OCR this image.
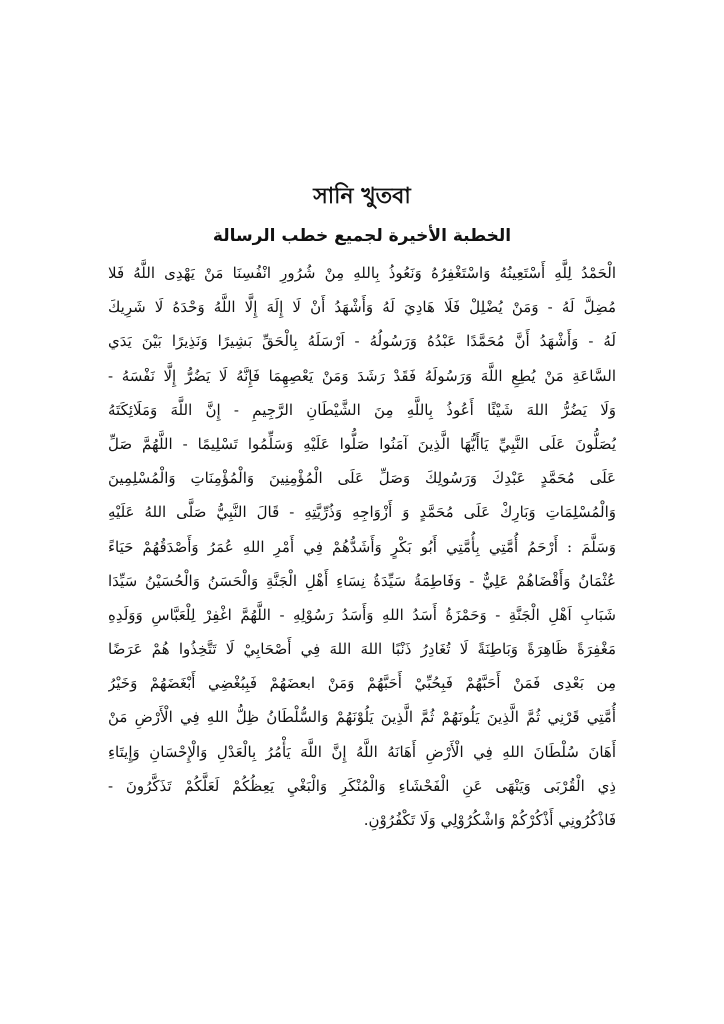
সানি খুতবা
الخطبة الأخيرة لجميع خطب الرسالة
الْحَمْدُ لِلَّهِ أَسْتَعِينُهُ وَاسْتَغْفِرُهُ وَنَعُوذُ بِاللهِ مِنْ شُرُورِ انْفُسِنَا مَنْ يَهْدِى اللَّهُ فَلا
مُضِلَّ لَهُ - وَمَنْ يُضْلِلْ فَلَا هَادِيَ لَهُ وَأَشْهَدُ أَنْ لَا إِلَهَ إِلَّا اللَّهُ وَحْدَهُ لَا شَرِيكَ
لَهُ - وَأَشْهَدُ أَنَّ مُحَمَّدًا عَبْدُهُ وَرَسُولُهُ - اَرْسَلَهُ بِالْحَقِّ بَشِيرًا وَنَذِيرًا بَيْنَ يَدَي
السَّاعَةِ مَنْ يُطِعِ اللَّهَ وَرَسُولَهُ فَقَدْ رَشَدَ وَمَنْ يَعْصِهِمَا فَإِنَّهُ لَا يَضُرُّ إِلَّا نَفْسَهُ -
وَلَا يَضُرُّ اللهَ شَيْئًا أَعُوذُ بِاللَّهِ مِنَ الشَّيْطَانِ الرَّجِيمِ - إِنَّ اللَّهَ وَمَلَائِكَتَهُ
يُصَلُّونَ عَلَى النَّبِيِّ يَاأَيُّهَا الَّذِينَ آمَنُوا صَلُّوا عَلَيْهِ وَسَلِّمُوا تَسْلِيمًا - اللَّهُمَّ صَلِّ
عَلَى مُحَمَّدٍ عَبْدِكَ وَرَسُولِكَ وَصَلِّ عَلَى الْمُؤْمِنِينَ وَالْمُؤْمِنَاتِ وَالْمُسْلِمِينَ
وَالْمُسْلِمَاتِ وَبَارِكْ عَلَى مُحَمَّدٍ وَ أَزْوَاجِهِ وَذُرِّيَّتِهِ - قَالَ النَّبِيُّ صَلَّى اللهُ عَلَيْهِ
وَسَلَّمَ : أَرْحَمُ أُمَّتِي بِأُمَّتِي أَبُو بَكْرٍ وَأَشَدُّهُمْ فِي أَمْرِ اللهِ عُمَرُ وَأَصْدَقُهُمْ حَيَاءً
عُثْمَانُ وَأَقْضَاهُمْ عَلِيٌّ - وَفَاطِمَةُ سَيِّدَةُ نِسَاءِ أَهْلِ الْجَنَّةِ وَالْحَسَنُ وَالْحُسَيْنُ سَيِّدَا
شَبَابِ اَهْلِ الْجَنَّةِ - وَحَمْزَةُ أَسَدُ اللهِ وَأَسَدُ رَسُوْلِهِ - اللَّهُمَّ اغْفِرْ لِلْعَبَّاسِ وَوَلَدِهِ
مَغْفِرَةً ظَاهِرَةً وَبَاطِنَةً لَا تُغَادِرُ ذَنْبًا اللهَ اللهَ فِي أَصْحَابِيْ لَا تَتَّخِذُوا هُمْ عَرَضًا
مِن بَعْدِى فَمَنْ أَحَبَّهُمْ فَبِحُبِّيْ أَحَبَّهُمْ وَمَنْ ابعضَهُمْ فَبِبُغْضِي أَبْغَضَهُمْ وَخَيْرُ
أُمَّتِي قَرْنِي ثُمَّ الَّذِينَ يَلُونَهُمْ ثُمَّ الَّذِينَ يَلُوْنَهُمْ وَالسُّلْطَانُ ظِلُّ اللهِ فِي الْأَرْضِ مَنْ
أَهَانَ سُلْطَانَ اللهِ فِي الْأَرْضِ أَهَانَهُ اللَّهُ إِنَّ اللَّهَ يَأْمُرُ بِالْعَدْلِ وَالْإِحْسَانِ وَإِيتَاءِ
ذِي الْقُرْبَى وَيَنْهَى عَنِ الْفَحْشَاءِ وَالْمُنْكَرِ وَالْبَغْيِ يَعِظُكُمْ لَعَلَّكُمْ تَذَكَّرُونَ -
فَاذْكُرُونِي أَذْكُرْكُمْ وَاشْكُرُوْلِي وَلَا تَكْفُرُوْنِ.
